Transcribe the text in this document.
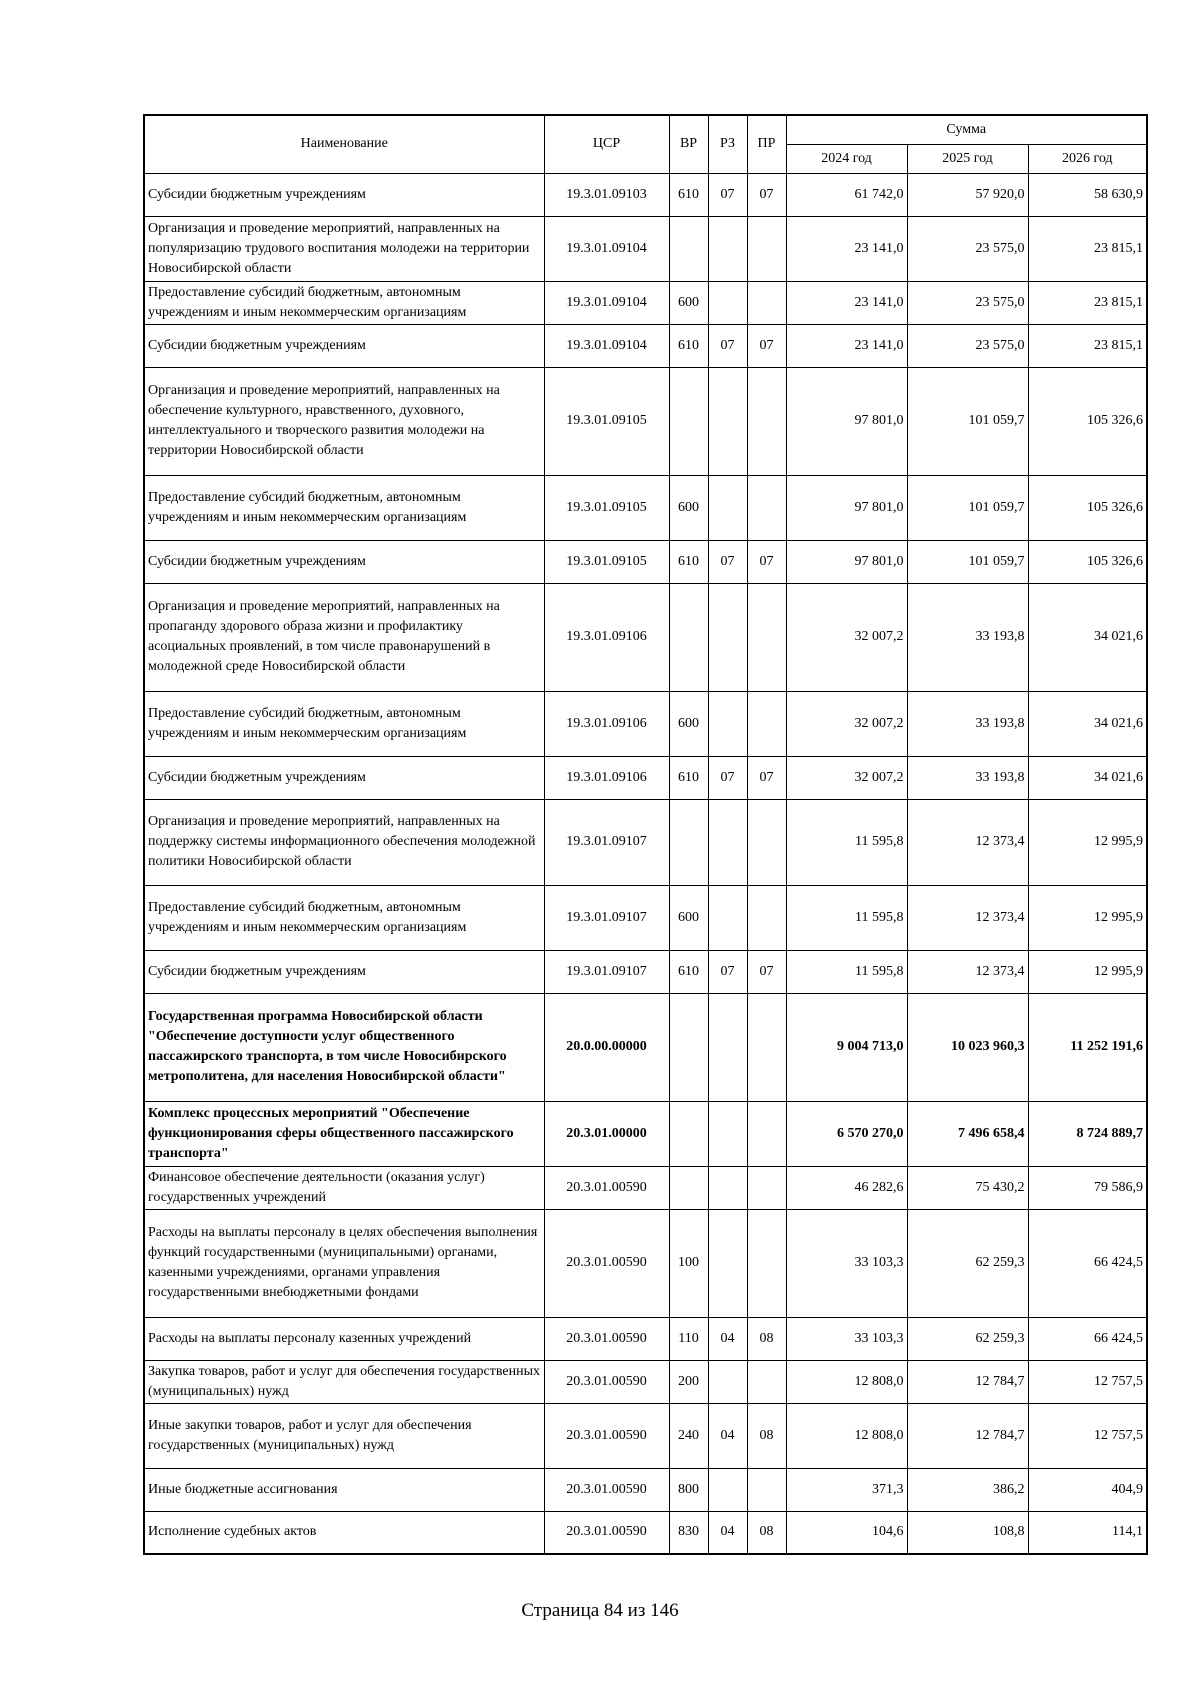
Наименование	ЦСР	ВР	РЗ	ПР	Сумма		
					2024 год	2025 год	2026 год
Субсидии бюджетным учреждениям	19.3.01.09103	610	07	07	61 742,0	57 920,0	58 630,9
Организация и проведение мероприятий, направленных на популяризацию трудового воспитания молодежи на территории Новосибирской области	19.3.01.09104				23 141,0	23 575,0	23 815,1
Предоставление субсидий бюджетным, автономным учреждениям и иным некоммерческим организациям	19.3.01.09104	600			23 141,0	23 575,0	23 815,1
Субсидии бюджетным учреждениям	19.3.01.09104	610	07	07	23 141,0	23 575,0	23 815,1
Организация и проведение мероприятий, направленных на обеспечение культурного, нравственного, духовного, интеллектуального и творческого развития молодежи на территории Новосибирской области	19.3.01.09105				97 801,0	101 059,7	105 326,6
Предоставление субсидий бюджетным, автономным учреждениям и иным некоммерческим организациям	19.3.01.09105	600			97 801,0	101 059,7	105 326,6
Субсидии бюджетным учреждениям	19.3.01.09105	610	07	07	97 801,0	101 059,7	105 326,6
Организация и проведение мероприятий, направленных на пропаганду здорового образа жизни и профилактику асоциальных проявлений, в том числе правонарушений в молодежной среде Новосибирской области	19.3.01.09106				32 007,2	33 193,8	34 021,6
Предоставление субсидий бюджетным, автономным учреждениям и иным некоммерческим организациям	19.3.01.09106	600			32 007,2	33 193,8	34 021,6
Субсидии бюджетным учреждениям	19.3.01.09106	610	07	07	32 007,2	33 193,8	34 021,6
Организация и проведение мероприятий, направленных на поддержку системы информационного обеспечения молодежной политики Новосибирской области	19.3.01.09107				11 595,8	12 373,4	12 995,9
Предоставление субсидий бюджетным, автономным учреждениям и иным некоммерческим организациям	19.3.01.09107	600			11 595,8	12 373,4	12 995,9
Субсидии бюджетным учреждениям	19.3.01.09107	610	07	07	11 595,8	12 373,4	12 995,9
Государственная программа Новосибирской области "Обеспечение доступности услуг общественного пассажирского транспорта, в том числе Новосибирского метрополитена, для населения Новосибирской области"	20.0.00.00000				9 004 713,0	10 023 960,3	11 252 191,6
Комплекс процессных мероприятий "Обеспечение функционирования сферы общественного пассажирского транспорта"	20.3.01.00000				6 570 270,0	7 496 658,4	8 724 889,7
Финансовое обеспечение деятельности (оказания услуг) государственных учреждений	20.3.01.00590				46 282,6	75 430,2	79 586,9
Расходы на выплаты персоналу в целях обеспечения выполнения функций государственными (муниципальными) органами, казенными учреждениями, органами управления государственными внебюджетными фондами	20.3.01.00590	100			33 103,3	62 259,3	66 424,5
Расходы на выплаты персоналу казенных учреждений	20.3.01.00590	110	04	08	33 103,3	62 259,3	66 424,5
Закупка товаров, работ и услуг для обеспечения государственных (муниципальных) нужд	20.3.01.00590	200			12 808,0	12 784,7	12 757,5
Иные закупки товаров, работ и услуг для обеспечения государственных (муниципальных) нужд	20.3.01.00590	240	04	08	12 808,0	12 784,7	12 757,5
Иные бюджетные ассигнования	20.3.01.00590	800			371,3	386,2	404,9
Исполнение судебных актов	20.3.01.00590	830	04	08	104,6	108,8	114,1
Страница 84 из 146
